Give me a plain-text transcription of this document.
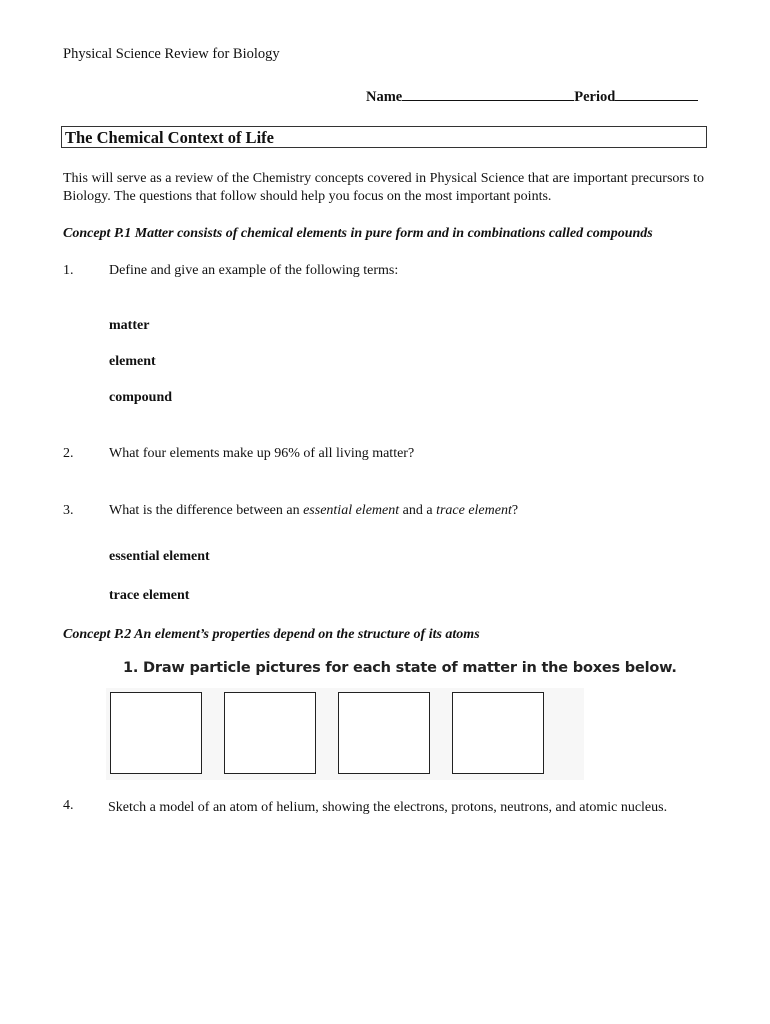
Physical Science Review for Biology
Name	Period
The Chemical Context of Life
This will serve as a review of the Chemistry concepts covered in Physical Science that are important precursors to Biology. The questions that follow should help you focus on the most important points.
Concept P.1 Matter consists of chemical elements in pure form and in combinations called compounds
1.	Define and give an example of the following terms:
matter
element
compound
2.	What four elements make up 96% of all living matter?
3.	What is the difference between an essential element and a trace element?
essential element
trace element
Concept P.2 An element’s properties depend on the structure of its atoms
1. Draw particle pictures for each state of matter in the boxes below.
4. Sketch a model of an atom of helium, showing the electrons, protons, neutrons, and atomic nucleus.
